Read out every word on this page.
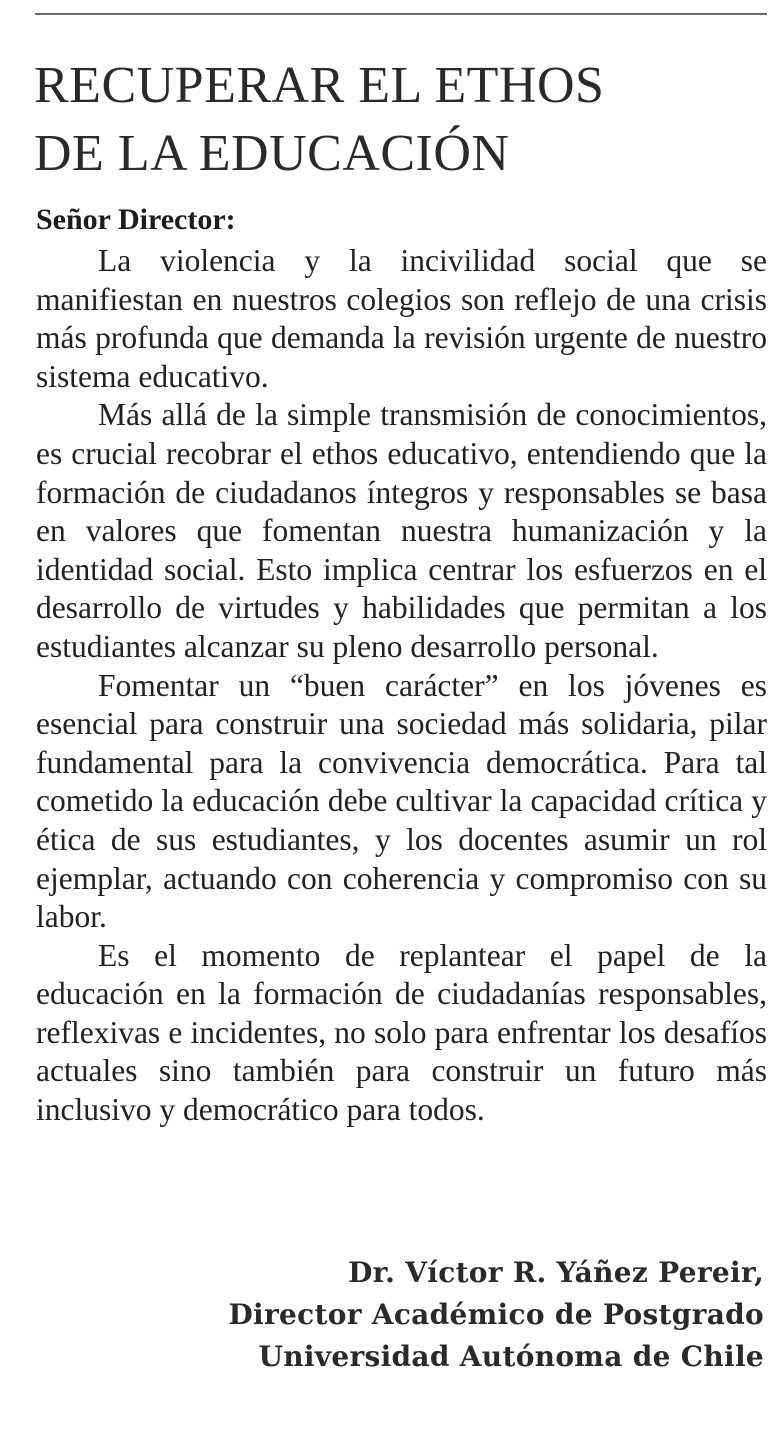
RECUPERAR EL ETHOS
DE LA EDUCACIÓN

Señor Director:

La violencia y la incivilidad social que se manifiestan en nuestros colegios son reflejo de una crisis más profunda que demanda la revisión urgente de nuestro sistema educativo.

Más allá de la simple transmisión de conocimientos, es crucial recobrar el ethos educativo, entendiendo que la formación de ciudadanos íntegros y responsables se basa en valores que fomentan nuestra humanización y la identidad social. Esto implica centrar los esfuerzos en el desarrollo de virtudes y habilidades que permitan a los estudiantes alcanzar su pleno desarrollo personal.

Fomentar un “buen carácter” en los jóvenes es esencial para construir una sociedad más solidaria, pilar fundamental para la convivencia democrática. Para tal cometido la educación debe cultivar la capacidad crítica y ética de sus estudiantes, y los docentes asumir un rol ejemplar, actuando con coherencia y compromiso con su labor.

Es el momento de replantear el papel de la educación en la formación de ciudadanías responsables, reflexivas e incidentes, no solo para enfrentar los desafíos actuales sino también para construir un futuro más inclusivo y democrático para todos.

Dr. Víctor R. Yáñez Pereir,
Director Académico de Postgrado
Universidad Autónoma de Chile
